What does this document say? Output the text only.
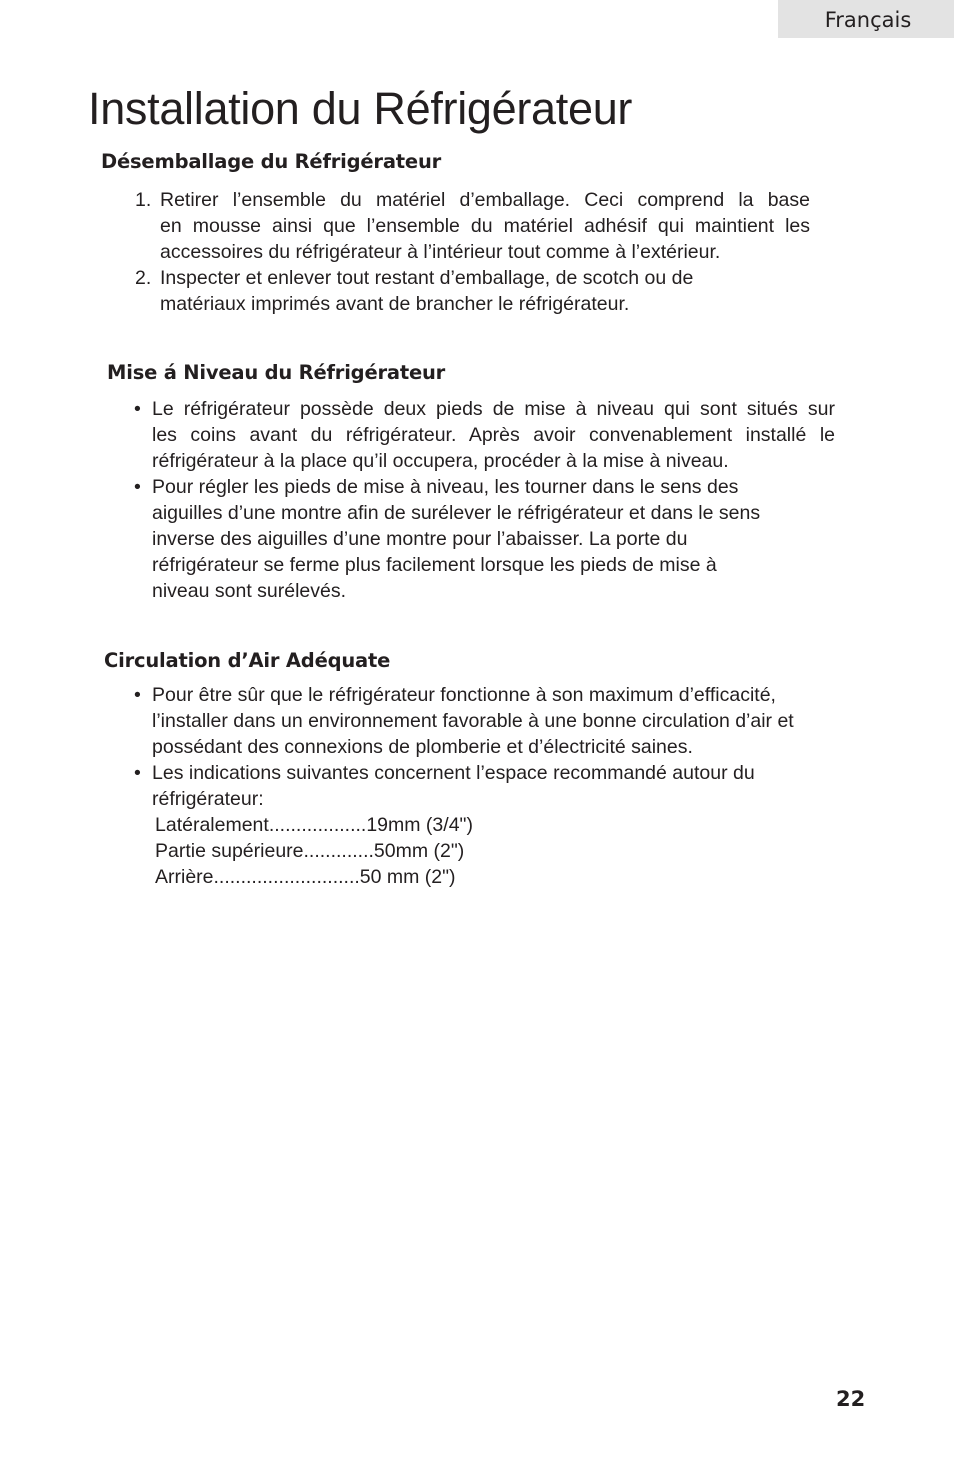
Français
Installation du Réfrigérateur
Désemballage du Réfrigérateur
1. Retirer l’ensemble du matériel d’emballage. Ceci comprend la base
en mousse ainsi que l’ensemble du matériel adhésif qui maintient les
accessoires du réfrigérateur à l’intérieur tout comme à l’extérieur.
2. Inspecter et enlever tout restant d’emballage, de scotch ou de
matériaux imprimés avant de brancher le réfrigérateur.
Mise á Niveau du Réfrigérateur
• Le réfrigérateur possède deux pieds de mise à niveau qui sont situés sur
les coins avant du réfrigérateur. Après avoir convenablement installé le
réfrigérateur à la place qu’il occupera, procéder à la mise à niveau.
• Pour régler les pieds de mise à niveau, les tourner dans le sens des
aiguilles d’une montre afin de surélever le réfrigérateur et dans le sens
inverse des aiguilles d’une montre pour l’abaisser. La porte du
réfrigérateur se ferme plus facilement lorsque les pieds de mise à
niveau sont surélevés.
Circulation d’Air Adéquate
• Pour être sûr que le réfrigérateur fonctionne à son maximum d’efficacité,
l’installer dans un environnement favorable à une bonne circulation d’air et
possédant des connexions de plomberie et d’électricité saines.
• Les indications suivantes concernent l’espace recommandé autour du
réfrigérateur:
Latéralement..................19mm (3/4")
Partie supérieure.............50mm (2")
Arrière...........................50 mm (2")
22
